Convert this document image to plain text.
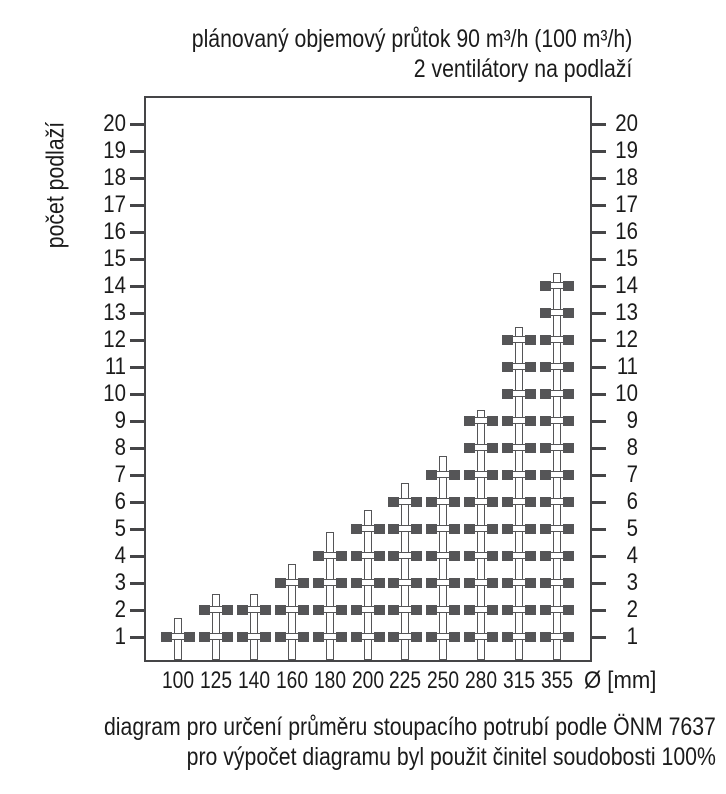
plánovaný objemový průtok 90 m³/h (100 m³/h)
2 ventilátory na podlaží
počet podlaží
1	1
2	2
3	3
4	4
5	5
6	6
7	7
8	8
9	9
10	10
11	11
12	12
13	13
14	14
15	15
16	16
17	17
18	18
19	19
20	20
100 125 140 160 180 200 225 250 280 315 355 Ø [mm]
diagram pro určení průměru stoupacího potrubí podle ÖNM 7637
pro výpočet diagramu byl použit činitel soudobosti 100%
